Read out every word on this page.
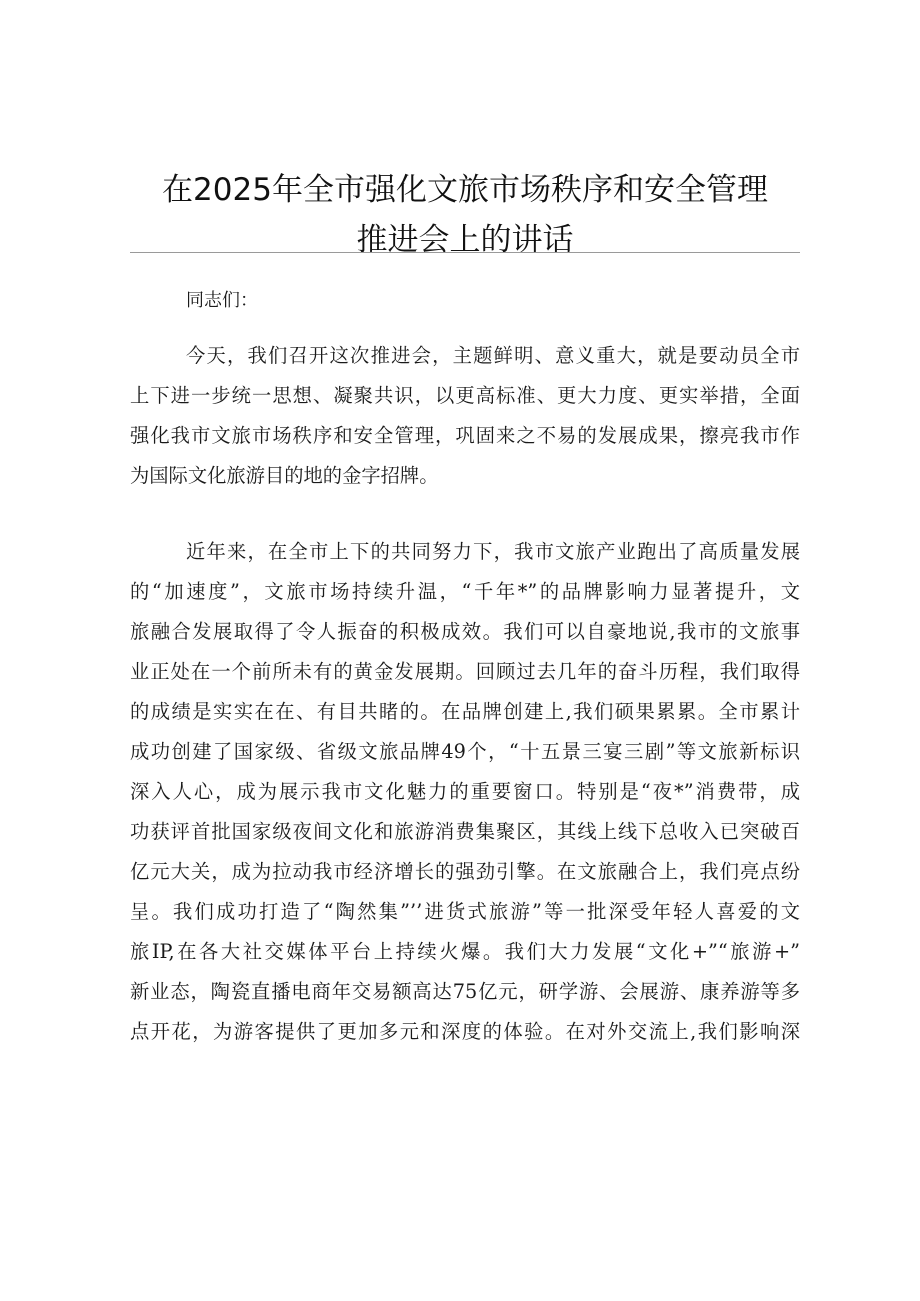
在2025年全市强化文旅市场秩序和安全管理
推进会上的讲话
同志们：
今天，我们召开这次推进会，主题鲜明、意义重大，就是要动员全市
上下进一步统一思想、凝聚共识，以更高标准、更大力度、更实举措，全面
强化我市文旅市场秩序和安全管理，巩固来之不易的发展成果，擦亮我市作
为国际文化旅游目的地的金字招牌。
近年来，在全市上下的共同努力下，我市文旅产业跑出了高质量发展
的“加速度”，文旅市场持续升温，“千年*”的品牌影响力显著提升，文
旅融合发展取得了令人振奋的积极成效。我们可以自豪地说,我市的文旅事
业正处在一个前所未有的黄金发展期。回顾过去几年的奋斗历程，我们取得
的成绩是实实在在、有目共睹的。在品牌创建上,我们硕果累累。全市累计
成功创建了国家级、省级文旅品牌49个，“十五景三宴三剧”等文旅新标识
深入人心，成为展示我市文化魅力的重要窗口。特别是“夜*”消费带，成
功获评首批国家级夜间文化和旅游消费集聚区，其线上线下总收入已突破百
亿元大关，成为拉动我市经济增长的强劲引擎。在文旅融合上，我们亮点纷
呈。我们成功打造了“陶然集”’’进货式旅游”等一批深受年轻人喜爱的文
旅IP,在各大社交媒体平台上持续火爆。我们大力发展“文化+”“旅游+”
新业态，陶瓷直播电商年交易额高达75亿元，研学游、会展游、康养游等多
点开花，为游客提供了更加多元和深度的体验。在对外交流上,我们影响深
